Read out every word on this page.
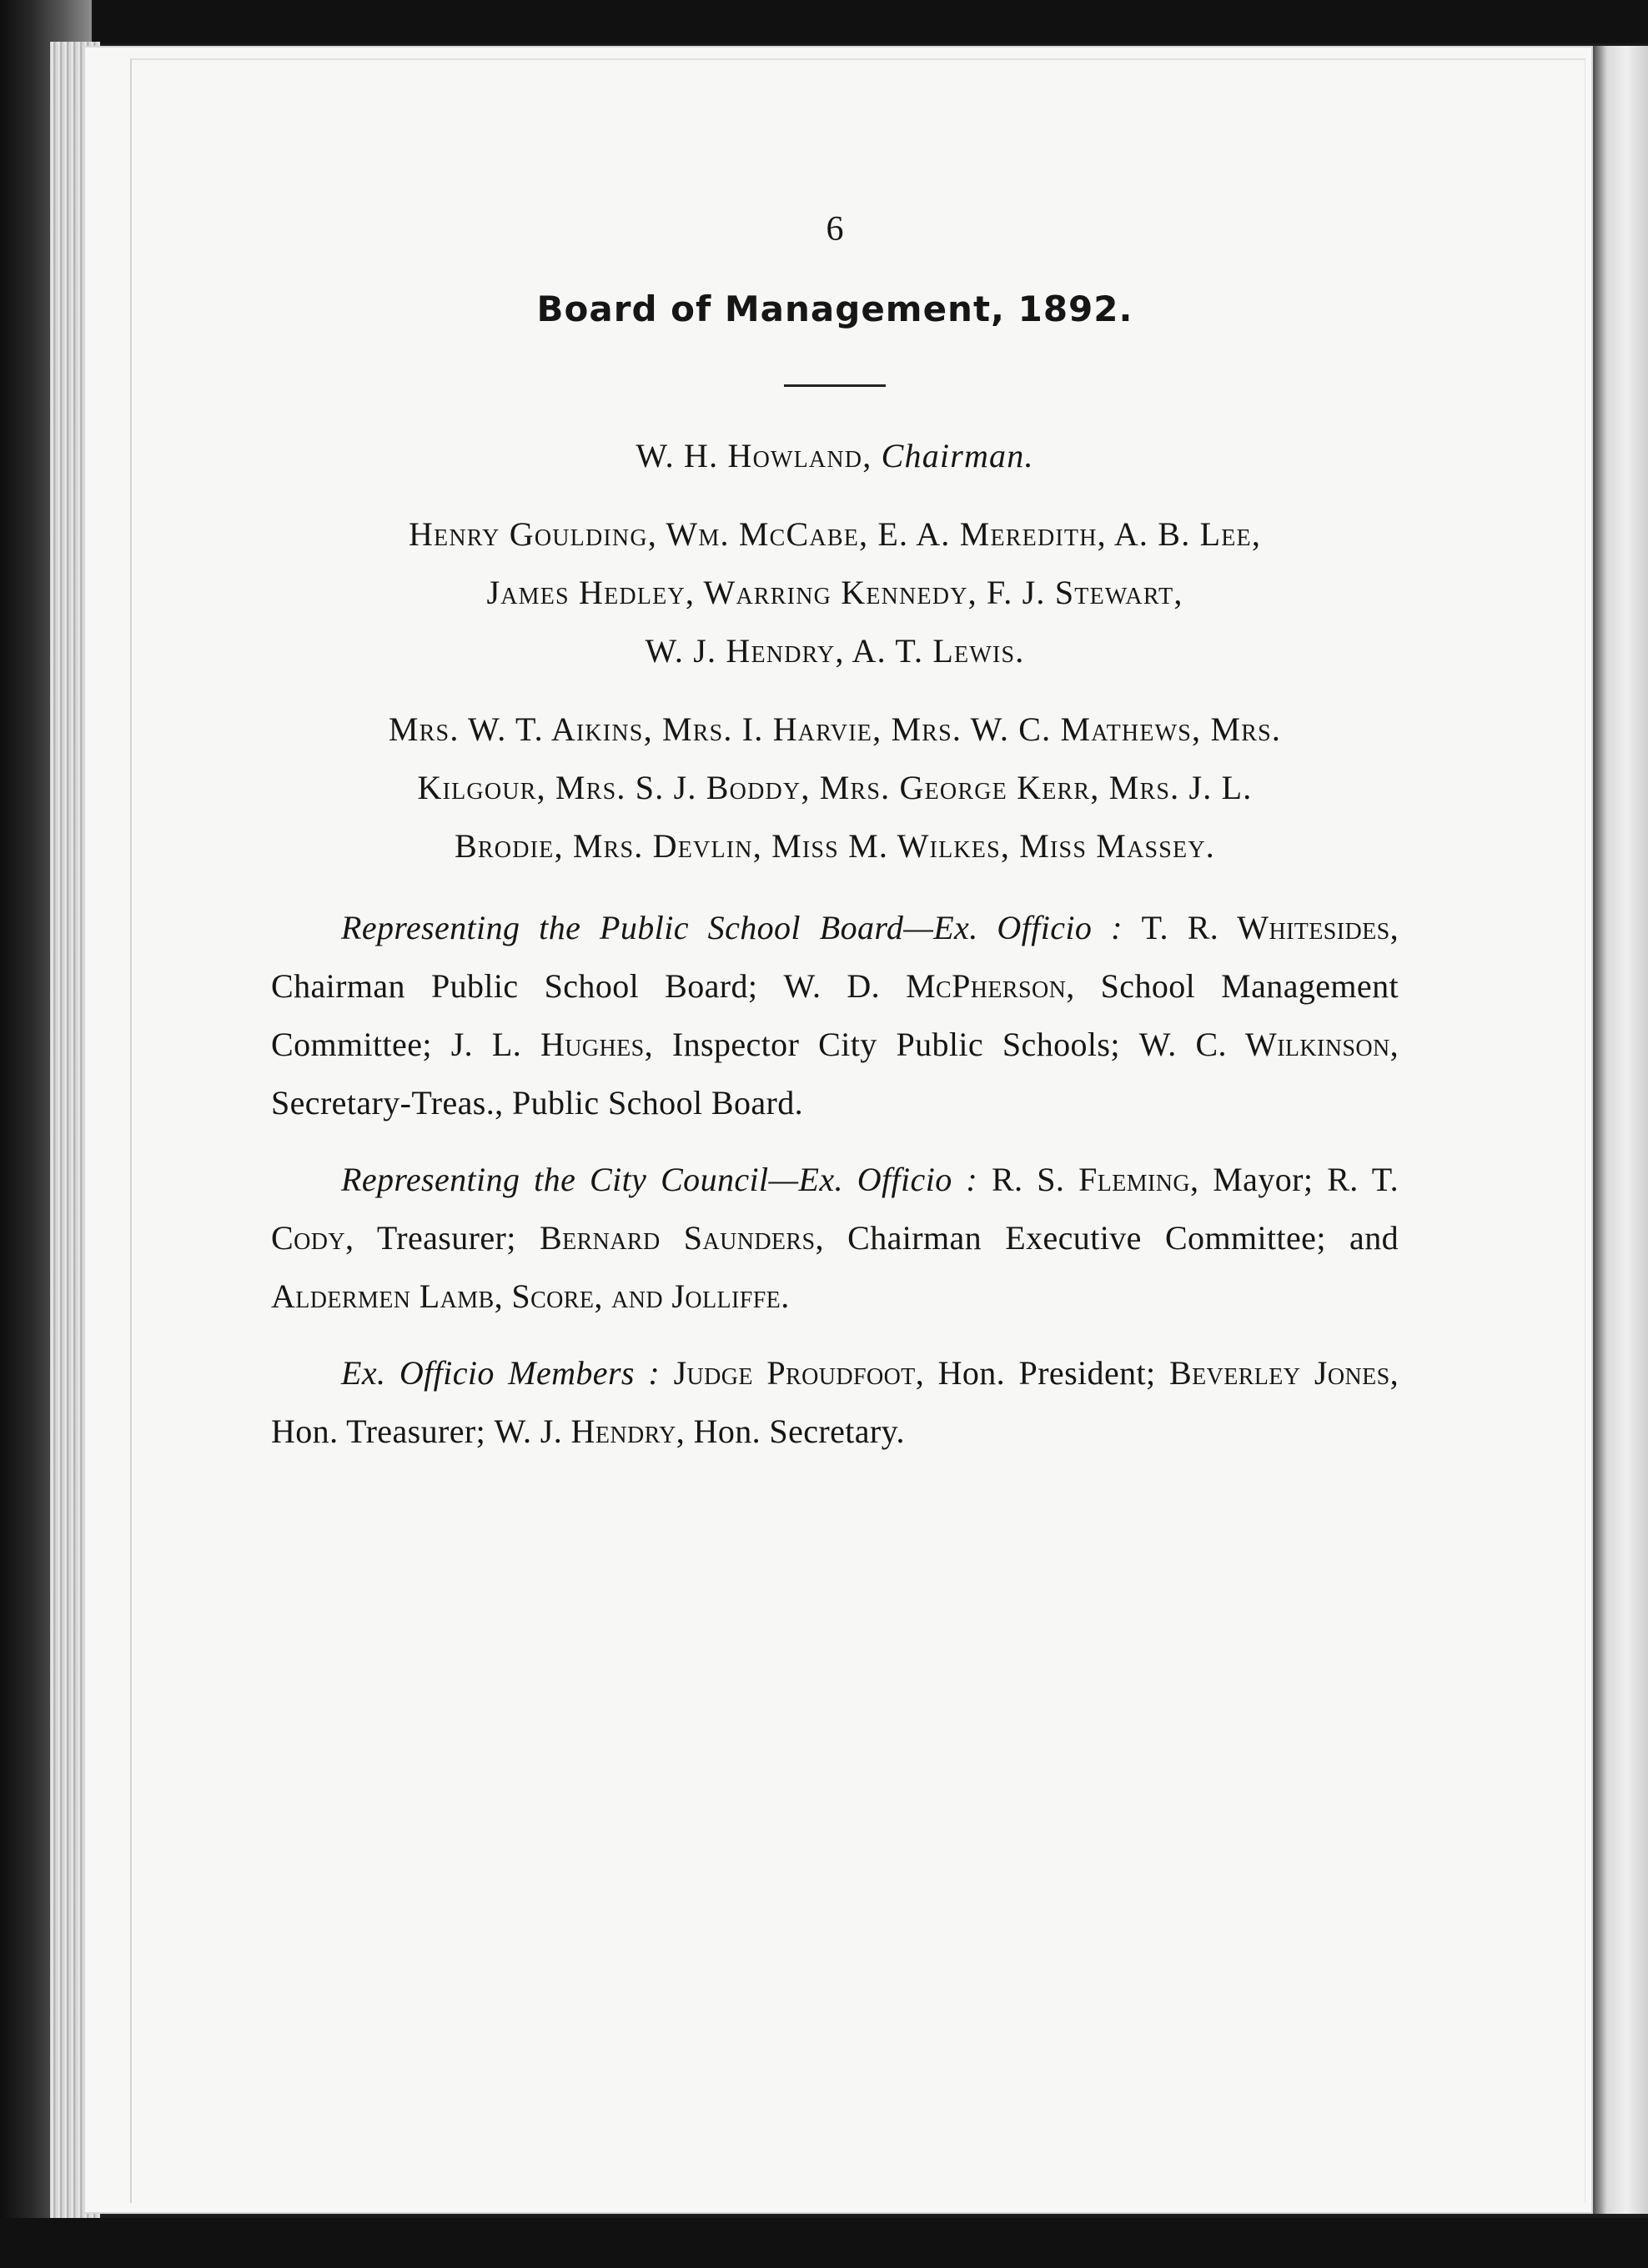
6

Board of Management, 1892.

W. H. Howland, Chairman.

Henry Goulding, Wm. McCabe, E. A. Meredith, A. B. Lee,

James Hedley, Warring Kennedy, F. J. Stewart,

W. J. Hendry, A. T. Lewis.

Mrs. W. T. Aikins, Mrs. I. Harvie, Mrs. W. C. Mathews, Mrs.

Kilgour, Mrs. S. J. Boddy, Mrs. George Kerr, Mrs. J. L.

Brodie, Mrs. Devlin, Miss M. Wilkes, Miss Massey.

Representing the Public School Board—Ex. Officio : T. R. Whitesides, Chairman Public School Board; W. D. McPherson, School Management Committee; J. L. Hughes, Inspector City Public Schools; W. C. Wilkinson, Secretary-Treas., Public School Board.

Representing the City Council—Ex. Officio : R. S. Fleming, Mayor; R. T. Cody, Treasurer; Bernard Saunders, Chairman Executive Committee; and Aldermen Lamb, Score, and Jolliffe.

Ex. Officio Members : Judge Proudfoot, Hon. President; Beverley Jones, Hon. Treasurer; W. J. Hendry, Hon. Secretary.
